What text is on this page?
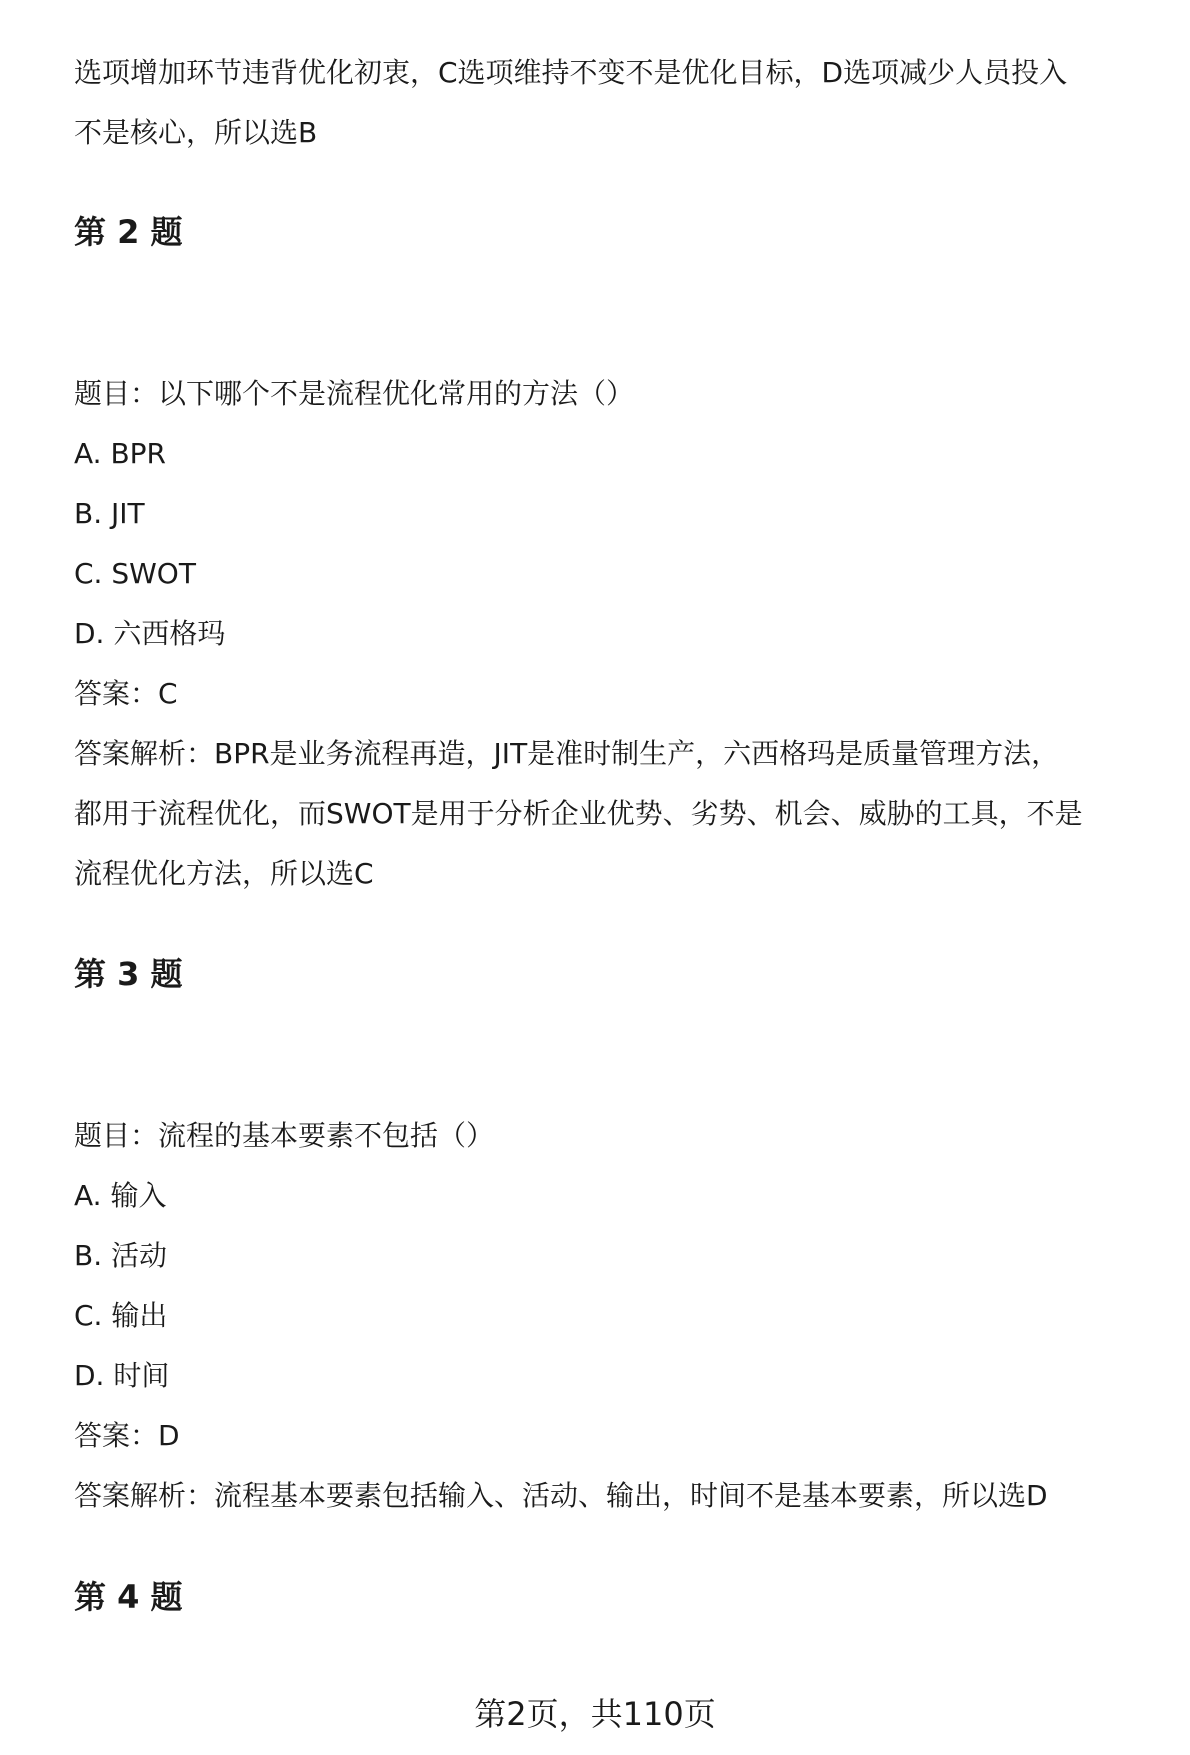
选项增加环节违背优化初衷，C选项维持不变不是优化目标，D选项减少人员投入
不是核心，所以选B
第 2 题
题目：以下哪个不是流程优化常用的方法（）
A. BPR
B. JIT
C. SWOT
D. 六西格玛
答案：C
答案解析：BPR是业务流程再造，JIT是准时制生产，六西格玛是质量管理方法，
都用于流程优化，而SWOT是用于分析企业优势、劣势、机会、威胁的工具，不是
流程优化方法，所以选C
第 3 题
题目：流程的基本要素不包括（）
A. 输入
B. 活动
C. 输出
D. 时间
答案：D
答案解析：流程基本要素包括输入、活动、输出，时间不是基本要素，所以选D
第 4 题
第2页，共110页
